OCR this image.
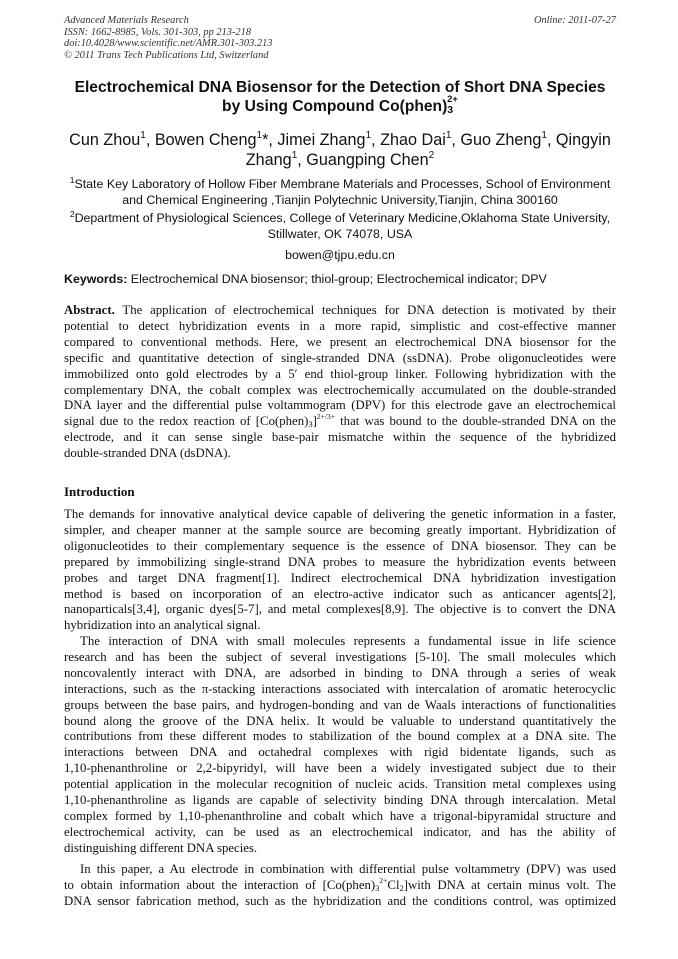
Advanced Materials Research
ISSN: 1662-8985, Vols. 301-303, pp 213-218
doi:10.4028/www.scientific.net/AMR.301-303.213
© 2011 Trans Tech Publications Ltd, Switzerland
Online: 2011-07-27
Electrochemical DNA Biosensor for the Detection of Short DNA Species
by Using Compound $Co(phen)_3^{2+}$
Cun Zhou$^1$, Bowen Cheng$^1$*, Jimei Zhang$^1$, Zhao Dai$^1$, Guo Zheng$^1$, Qingyin
Zhang$^1$, Guangping Chen$^2$
$^1$State Key Laboratory of Hollow Fiber Membrane Materials and Processes, School of Environment
and Chemical Engineering ,Tianjin Polytechnic University,Tianjin, China 300160
$^2$Department of Physiological Sciences, College of Veterinary Medicine,Oklahoma State University,
Stillwater, OK 74078, USA
bowen@tjpu.edu.cn
Keywords: Electrochemical DNA biosensor; thiol-group; Electrochemical indicator; DPV
Abstract. The application of electrochemical techniques for DNA detection is motivated by their
potential to detect hybridization events in a more rapid, simplistic and cost-effective manner
compared to conventional methods. Here, we present an electrochemical DNA biosensor for the
specific and quantitative detection of single-stranded DNA (ssDNA). Probe oligonucleotides were
immobilized onto gold electrodes by a 5′ end thiol-group linker. Following hybridization with the
complementary DNA, the cobalt complex was electrochemically accumulated on the double-stranded
DNA layer and the differential pulse voltammogram (DPV) for this electrode gave an electrochemical
signal due to the redox reaction of $[Co(phen)_3]^{2+/3+}$ that was bound to the double-stranded DNA on the
electrode, and it can sense single base-pair mismatche within the sequence of the hybridized
double-stranded DNA (dsDNA).
Introduction
The demands for innovative analytical device capable of delivering the genetic information in a faster,
simpler, and cheaper manner at the sample source are becoming greatly important. Hybridization of
oligonucleotides to their complementary sequence is the essence of DNA biosensor. They can be
prepared by immobilizing single-strand DNA probes to measure the hybridization events between
probes and target DNA fragment[1]. Indirect electrochemical DNA hybridization investigation
method is based on incorporation of an electro-active indicator such as anticancer agents[2],
nanoparticals[3,4], organic dyes[5-7], and metal complexes[8,9]. The objective is to convert the DNA
hybridization into an analytical signal.
The interaction of DNA with small molecules represents a fundamental issue in life science
research and has been the subject of several investigations [5-10]. The small molecules which
noncovalently interact with DNA, are adsorbed in binding to DNA through a series of weak
interactions, such as the π-stacking interactions associated with intercalation of aromatic heterocyclic
groups between the base pairs, and hydrogen-bonding and van de Waals interactions of functionalities
bound along the groove of the DNA helix. It would be valuable to understand quantitatively the
contributions from these different modes to stabilization of the bound complex at a DNA site. The
interactions between DNA and octahedral complexes with rigid bidentate ligands, such as
1,10-phenanthroline or 2,2-bipyridyl, will have been a widely investigated subject due to their
potential application in the molecular recognition of nucleic acids. Transition metal complexes using
1,10-phenanthroline as ligands are capable of selectivity binding DNA through intercalation. Metal
complex formed by 1,10-phenanthroline and cobalt which have a trigonal-bipyramidal structure and
electrochemical activity, can be used as an electrochemical indicator, and has the ability of
distinguishing different DNA species.
In this paper, a Au electrode in combination with differential pulse voltammetry (DPV) was used
to obtain information about the interaction of $[Co(phen)_3^{2+}Cl_2]with$ DNA at certain minus volt. The
DNA sensor fabrication method, such as the hybridization and the conditions control, was optimized
